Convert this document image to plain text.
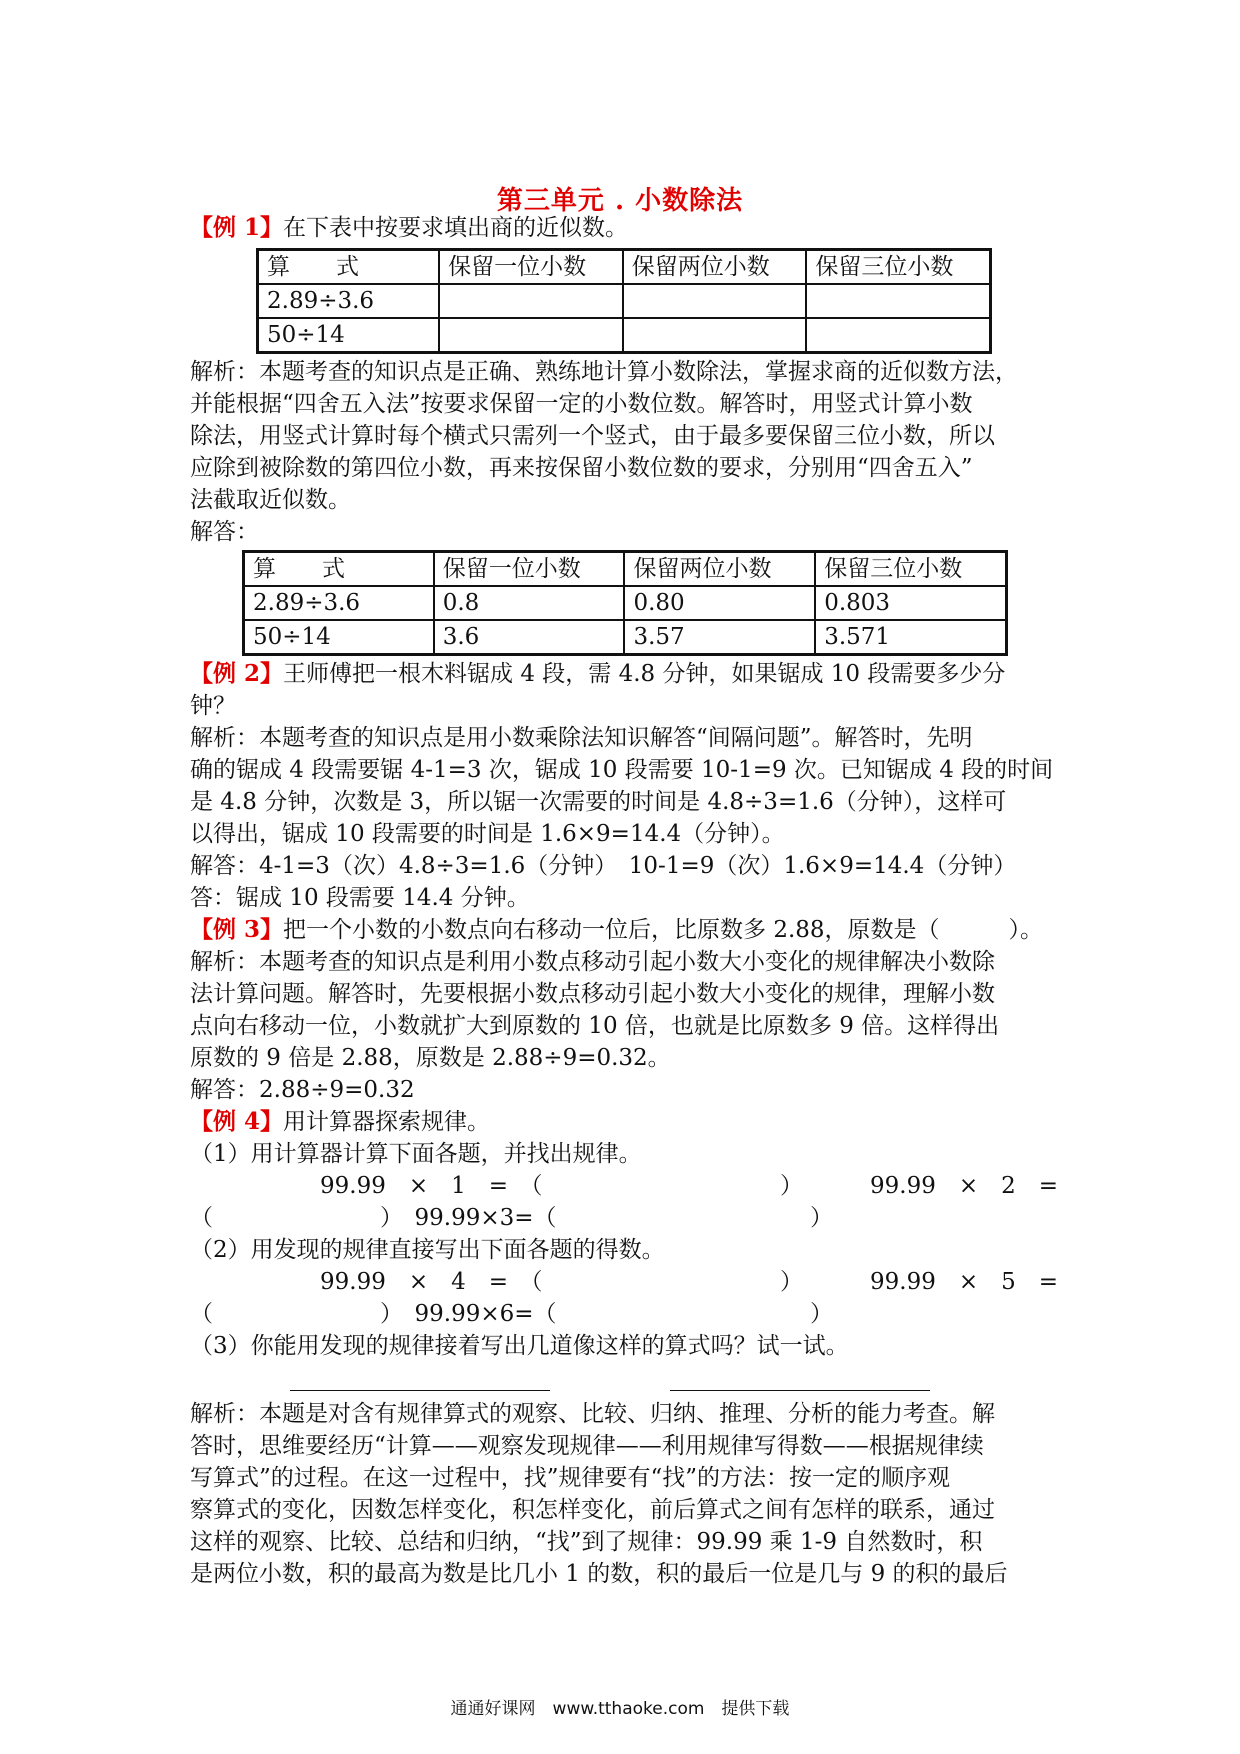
第三单元 . 小数除法

【例 1】在下表中按要求填出商的近似数。

算　　式	保留一位小数	保留两位小数	保留三位小数
2.89÷3.6			
50÷14			

解析：本题考查的知识点是正确、熟练地计算小数除法，掌握求商的近似数方法，

并能根据“四舍五入法”按要求保留一定的小数位数。解答时，用竖式计算小数

除法，用竖式计算时每个横式只需列一个竖式，由于最多要保留三位小数，所以

应除到被除数的第四位小数，再来按保留小数位数的要求，分别用“四舍五入”

法截取近似数。

解答：

算　　式	保留一位小数	保留两位小数	保留三位小数
2.89÷3.6	0.8	0.80	0.803
50÷14	3.6	3.57	3.571

【例 2】王师傅把一根木料锯成 4 段，需 4.8 分钟，如果锯成 10 段需要多少分

钟？

解析：本题考查的知识点是用小数乘除法知识解答“间隔问题”。解答时，先明

确的锯成 4 段需要锯 4-1=3 次，锯成 10 段需要 10-1=9 次。已知锯成 4 段的时间

是 4.8 分钟，次数是 3，所以锯一次需要的时间是 4.8÷3=1.6（分钟），这样可

以得出，锯成 10 段需要的时间是 1.6×9=14.4（分钟）。

解答：4-1=3（次）4.8÷3=1.6（分钟）　10-1=9（次）1.6×9=14.4（分钟）

答：锯成 10 段需要 14.4 分钟。

【例 3】把一个小数的小数点向右移动一位后，比原数多 2.88，原数是（　　　）。

解析：本题考查的知识点是利用小数点移动引起小数大小变化的规律解决小数除

法计算问题。解答时，先要根据小数点移动引起小数大小变化的规律，理解小数

点向右移动一位，小数就扩大到原数的 10 倍，也就是比原数多 9 倍。这样得出

原数的 9 倍是 2.88，原数是 2.88÷9=0.32。

解答：2.88÷9=0.32

【例 4】用计算器探索规律。

（1）用计算器计算下面各题，并找出规律。

99.99　×　1　=　（	）	99.99　×　2　=
（	）　99.99×3=（	）

（2）用发现的规律直接写出下面各题的得数。

99.99　×　4　=　（	）	99.99　×　5　=
（	）　99.99×6=（	）

（3）你能用发现的规律接着写出几道像这样的算式吗？试一试。

解析：本题是对含有规律算式的观察、比较、归纳、推理、分析的能力考查。解

答时，思维要经历“计算——观察发现规律——利用规律写得数——根据规律续

写算式”的过程。在这一过程中，找”规律要有“找”的方法：按一定的顺序观

察算式的变化，因数怎样变化，积怎样变化，前后算式之间有怎样的联系，通过

这样的观察、比较、总结和归纳，“找”到了规律：99.99 乘 1-9 自然数时，积

是两位小数，积的最高为数是比几小 1 的数，积的最后一位是几与 9 的积的最后

通通好课网　www.tthaoke.com　提供下载
